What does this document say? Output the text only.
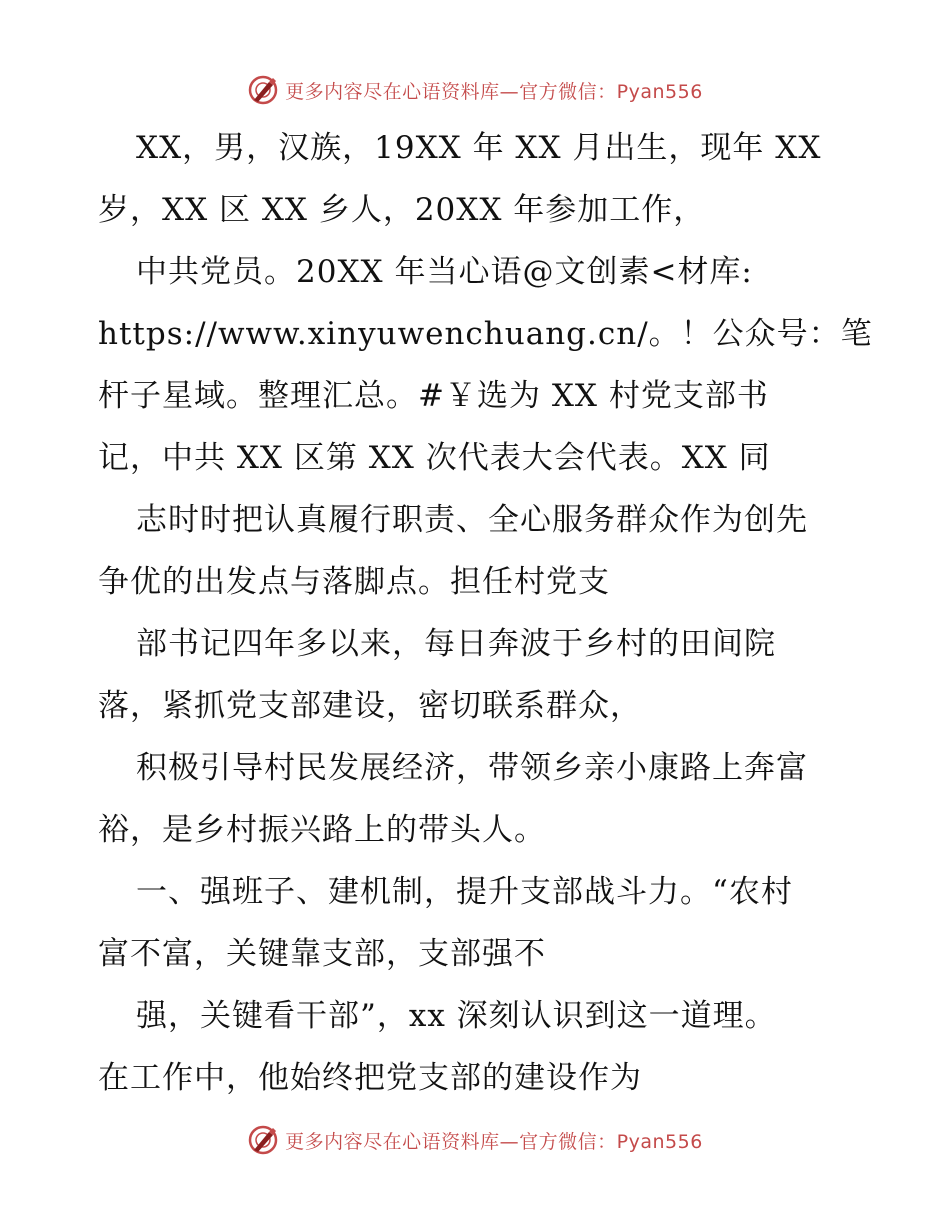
更多内容尽在心语资料库—官方微信：Pyan556
XX，男，汉族，19XX 年 XX 月出生，现年 XX
岁，XX 区 XX 乡人，20XX 年参加工作，
中共党员。20XX 年当心语@文创素<材库:
https://www.xinyuwenchuang.cn/。！公众号：笔
杆子星域。整理汇总。#￥选为 XX 村党支部书
记，中共 XX 区第 XX 次代表大会代表。XX 同
志时时把认真履行职责、全心服务群众作为创先
争优的出发点与落脚点。担任村党支
部书记四年多以来，每日奔波于乡村的田间院
落，紧抓党支部建设，密切联系群众，
积极引导村民发展经济，带领乡亲小康路上奔富
裕，是乡村振兴路上的带头人。
一、强班子、建机制，提升支部战斗力。“农村
富不富，关键靠支部，支部强不
强，关键看干部”，xx 深刻认识到这一道理。
在工作中，他始终把党支部的建设作为
更多内容尽在心语资料库—官方微信：Pyan556
